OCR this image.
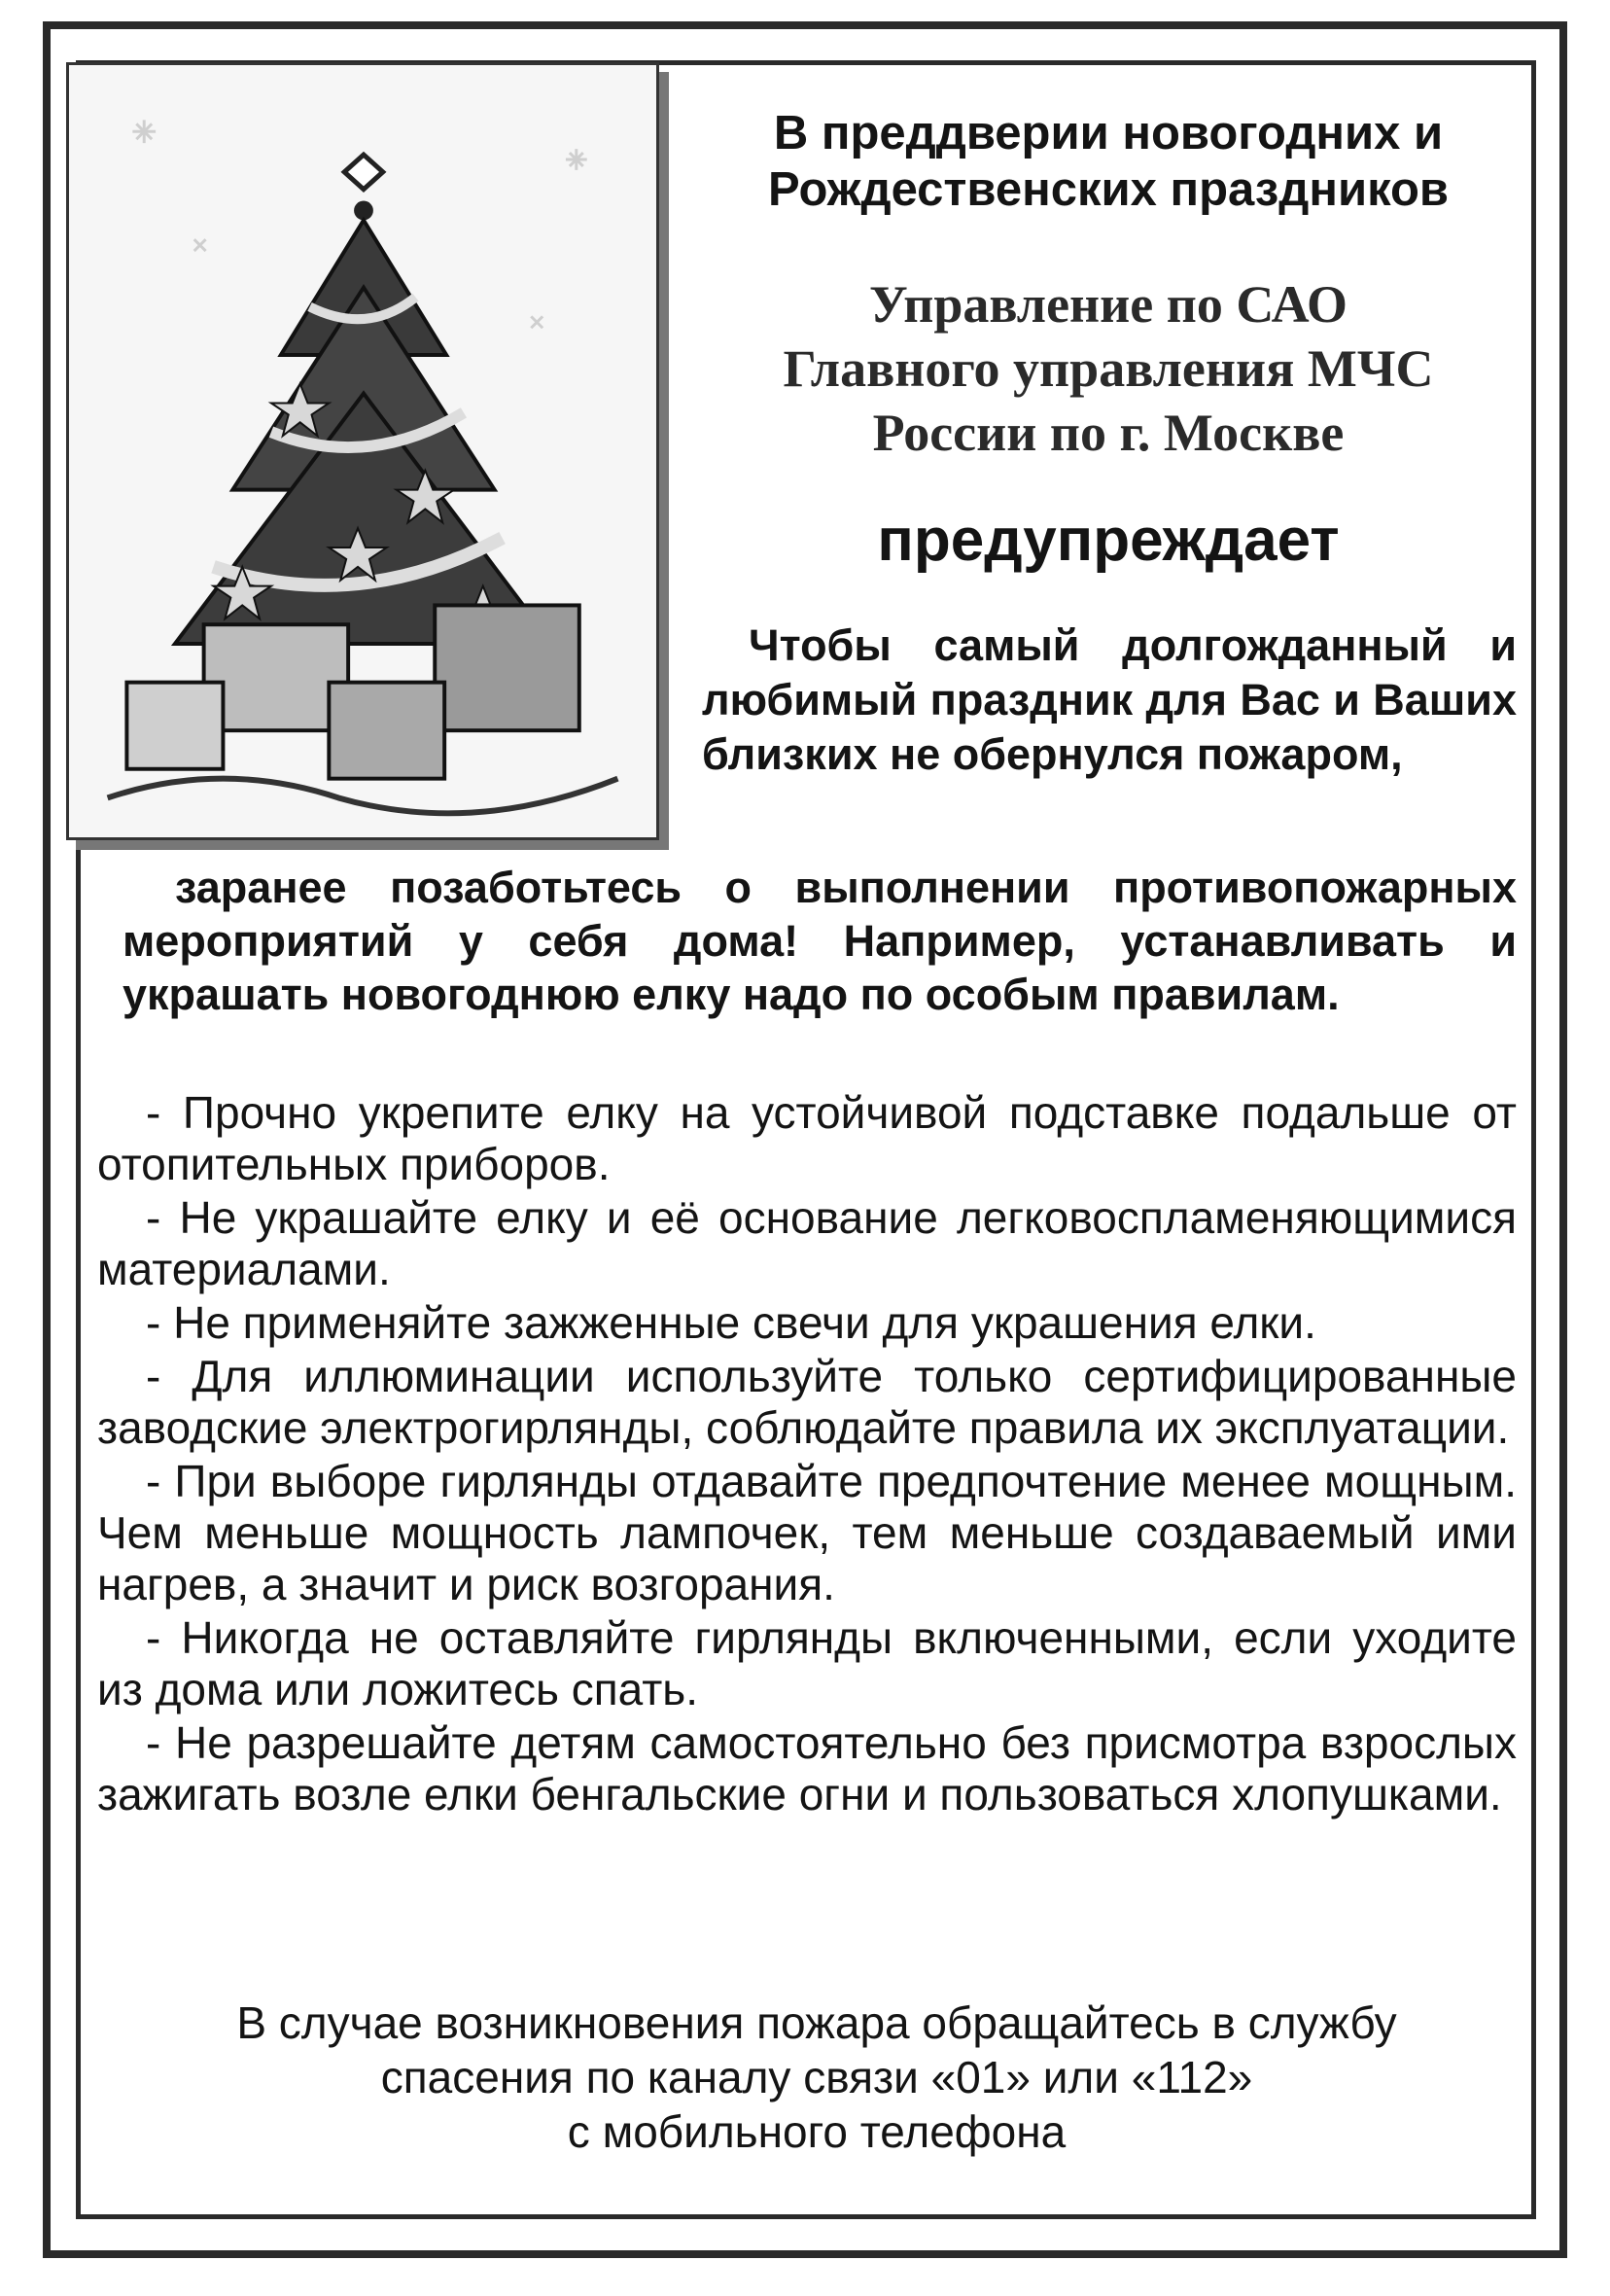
В преддверии новогодних и
Рождественских праздников
Управление по САО
Главного управления МЧС
России по г. Москве
предупреждает
Чтобы самый долгожданный и любимый праздник для Вас и Ваших близких не обернулся пожаром,
заранее позаботьтесь о выполнении противопожарных мероприятий у себя дома! Например, устанавливать и украшать новогоднюю елку надо по особым правилам.

- Прочно укрепите елку на устойчивой подставке подальше от отопительных приборов.

- Не украшайте елку и её основание легковоспламеняющимися материалами.

- Не применяйте зажженные свечи для украшения елки.

- Для иллюминации используйте только сертифицированные заводские электрогирлянды, соблюдайте правила их эксплуатации.

- При выборе гирлянды отдавайте предпочтение менее мощным. Чем меньше мощность лампочек, тем меньше создаваемый ими нагрев, а значит и риск возгорания.

- Никогда не оставляйте гирлянды включенными, если уходите из дома или ложитесь спать.

- Не разрешайте детям самостоятельно без присмотра взрослых зажигать возле елки бенгальские огни и пользоваться хлопушками.

В случае возникновения пожара обращайтесь в службу
спасения по каналу связи «01» или «112»
с мобильного телефона
